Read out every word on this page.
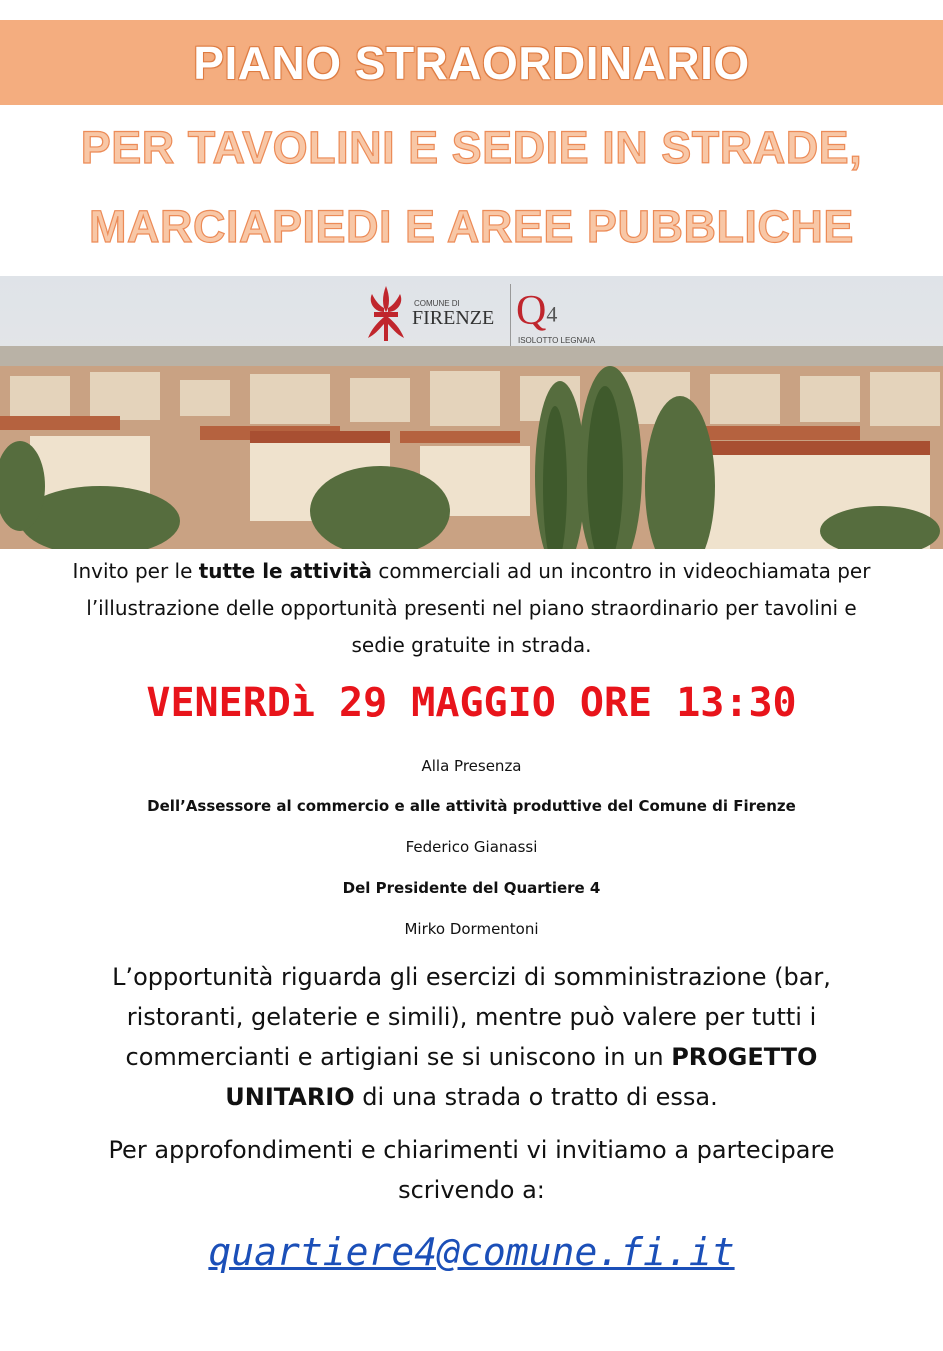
PIANO STRAORDINARIO
PER TAVOLINI E SEDIE IN STRADE,
MARCIAPIEDI E AREE PUBBLICHE
COMUNE DI
FIRENZE Q4
ISOLOTTO LEGNAIA
Invito per le tutte le attività commerciali ad un incontro in videochiamata per l’illustrazione delle opportunità presenti nel piano straordinario per tavolini e sedie gratuite in strada.
VENERDì 29 MAGGIO ORE 13:30
Alla Presenza
Dell’Assessore al commercio e alle attività produttive del Comune di Firenze
Federico Gianassi
Del Presidente del Quartiere 4
Mirko Dormentoni
L’opportunità riguarda gli esercizi di somministrazione (bar, ristoranti, gelaterie e simili), mentre può valere per tutti i commercianti e artigiani se si uniscono in un PROGETTO UNITARIO di una strada o tratto di essa.
Per approfondimenti e chiarimenti vi invitiamo a partecipare scrivendo a:
quartiere4@comune.fi.it
